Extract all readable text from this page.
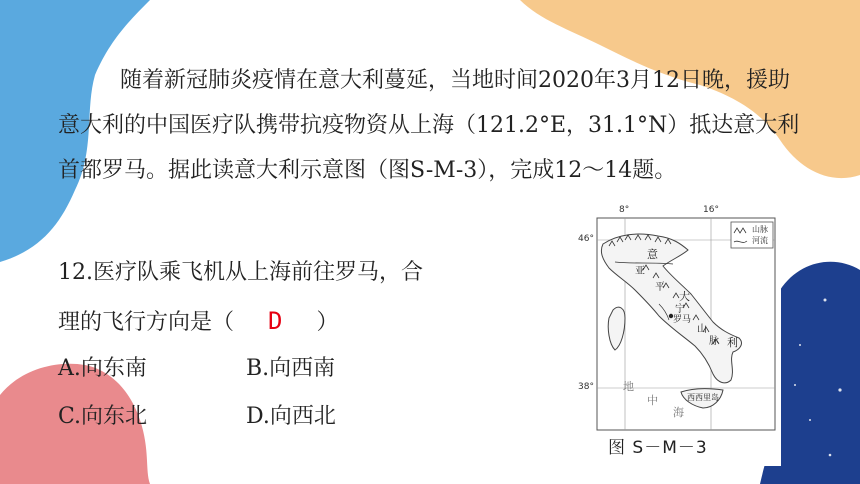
随着新冠肺炎疫情在意大利蔓延，当地时间2020年3月12日晚，援助意大利的中国医疗队携带抗疫物资从上海（121.2°E，31.1°N）抵达意大利首都罗马。据此读意大利示意图（图S-M-3），完成12～14题。

12.医疗队乘飞机从上海前往罗马，合
理的飞行方向是（ D ）
A.向东南	B.向西南
C.向东北	D.向西北
8°	16°
46°
38°
山脉
河流
意
亚
平
宁
大
罗马
山
脉 利
地
中
海
西西里岛
图 S－M－3
